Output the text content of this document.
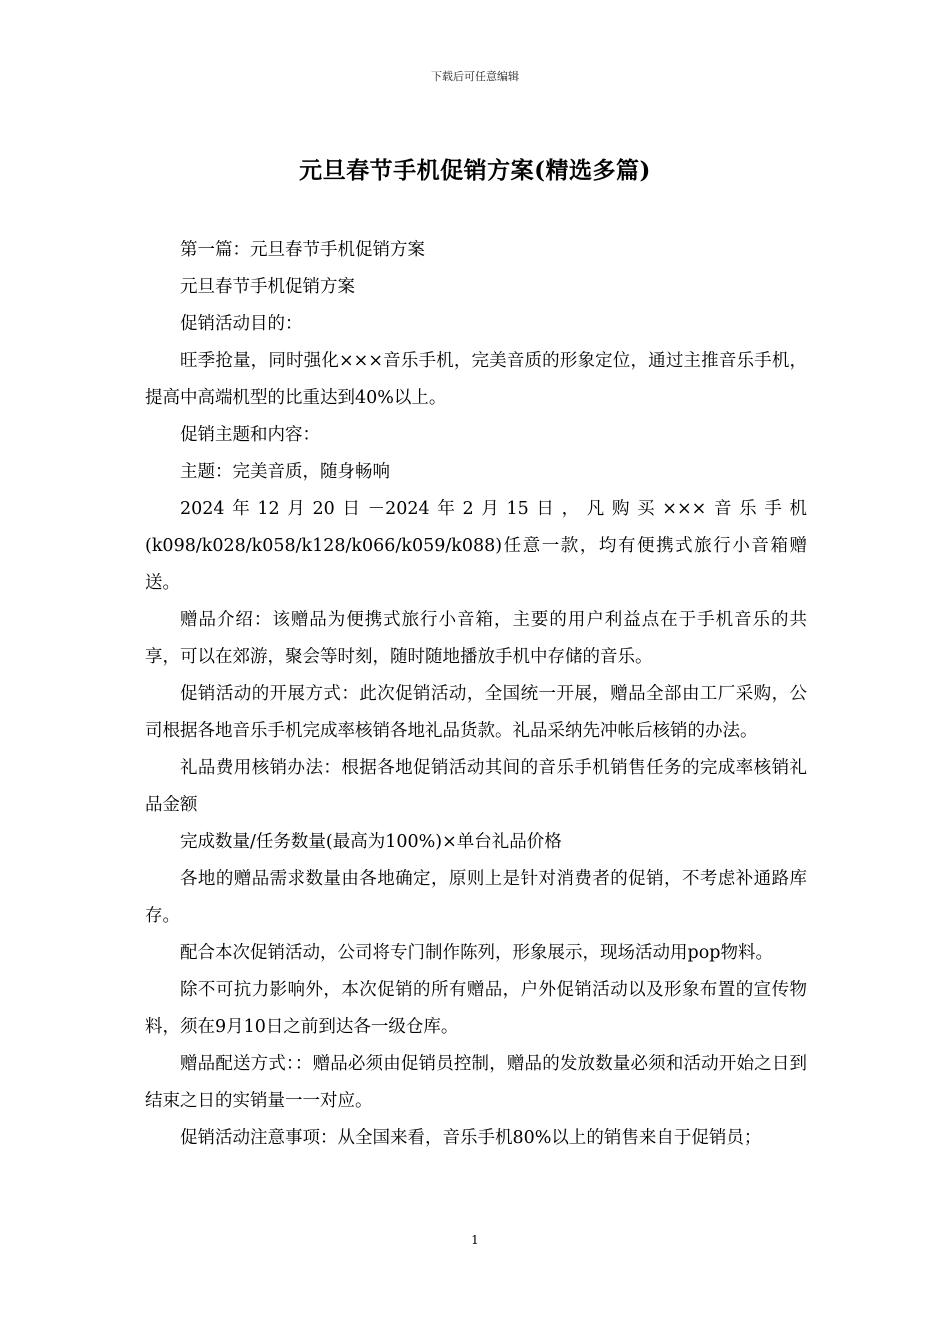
下载后可任意编辑
元旦春节手机促销方案(精选多篇)

第一篇：元旦春节手机促销方案

元旦春节手机促销方案

促销活动目的：

旺季抢量，同时强化×××音乐手机，完美音质的形象定位，通过主推音乐手机，提高中高端机型的比重达到40%以上。

促销主题和内容：

主题：完美音质，随身畅响

2024年12月20日－2024年2月15日，凡购买×××音乐手机(k098/k028/k058/k128/k066/k059/k088)任意一款，均有便携式旅行小音箱赠送。

赠品介绍：该赠品为便携式旅行小音箱，主要的用户利益点在于手机音乐的共享，可以在郊游，聚会等时刻，随时随地播放手机中存储的音乐。

促销活动的开展方式：此次促销活动，全国统一开展，赠品全部由工厂采购，公司根据各地音乐手机完成率核销各地礼品货款。礼品采纳先冲帐后核销的办法。

礼品费用核销办法：根据各地促销活动其间的音乐手机销售任务的完成率核销礼品金额

完成数量/任务数量(最高为100%)×单台礼品价格

各地的赠品需求数量由各地确定，原则上是针对消费者的促销，不考虑补通路库存。

配合本次促销活动，公司将专门制作陈列，形象展示，现场活动用pop物料。

除不可抗力影响外，本次促销的所有赠品，户外促销活动以及形象布置的宣传物料，须在9月10日之前到达各一级仓库。

赠品配送方式：：赠品必须由促销员控制，赠品的发放数量必须和活动开始之日到结束之日的实销量一一对应。

促销活动注意事项：从全国来看，音乐手机80%以上的销售来自于促销员；

1
